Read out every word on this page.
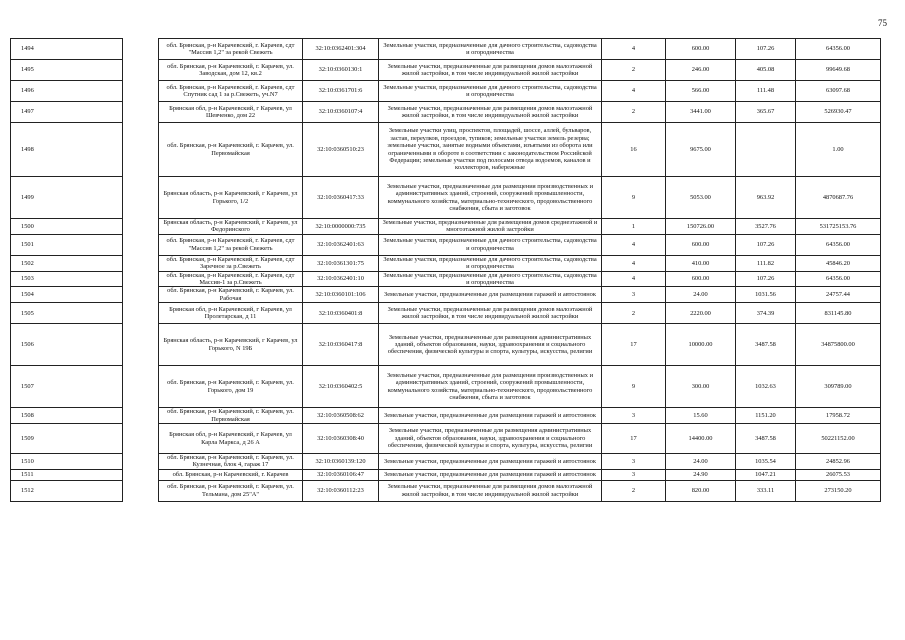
75
1494		обл. Брянская, р-н Карачевский, г. Карачев, сдт "Массив 1,2" за рекой Свежеть	32:10:0362401:304	Земельные участки, предназначенные для дачного строительства, садоводства и огородничества	4	600.00	107.26	64356.00
1495		обл. Брянская, р-н Карачевский, г. Карачев, ул. Заводская, дом 12, кв.2	32:10:0360130:1	Земельные участки, предназначенные для размещения домов малоэтажной жилой застройки, в том числе индивидуальной жилой застройки	2	246.00	405.08	99649.68
1496		обл. Брянская, р-н Карачевский, г. Карачев, сдт Спутник сад 1 за р.Свежеть, уч.N7	32:10:0361701:6	Земельные участки, предназначенные для дачного строительства, садоводства и огородничества	4	566.00	111.48	63097.68
1497		Брянская обл, р-н Карачевский, г Карачев, ул Шевченко, дом 22	32:10:0360107:4	Земельные участки, предназначенные для размещения домов малоэтажной жилой застройки, в том числе индивидуальной жилой застройки	2	3441.00	365.67	526930.47
1498		обл. Брянская, р-н Карачевский, г. Карачев, ул. Первомайская	32:10:0360510:23	Земельные участки улиц, проспектов, площадей, шоссе, аллей, бульваров, застав, переулков, проездов, тупиков; земельные участки земель резерва; земельные участки, занятые водными объектами, изъятыми из оборота или ограниченными в обороте в соответствии с законодательством Российской Федерации; земельные участки под полосами отвода водоемов, каналов и коллекторов, набережные	16	9675.00		1.00
1499		Брянская область, р-н Карачевский, г Карачев, ул Горького, 1/2	32:10:0360417:33	Земельные участки, предназначенные для размещения производственных и административных зданий, строений, сооружений промышленности, коммунального хозяйства, материально-технического, продовольственного снабжения, сбыта и заготовок	9	5053.00	963.92	4870687.76
1500		Брянская область, р-н Карачевский, г Карачев, ул Федоринского	32:10:0000000:735	Земельные участки, предназначенные для размещения домов среднеэтажной и многоэтажной жилой застройки	1	150726.00	3527.76	531725153.76
1501		обл. Брянская, р-н Карачевский, г. Карачев, сдт "Массив 1,2" за рекой Свежеть	32:10:0362401:63	Земельные участки, предназначенные для дачного строительства, садоводства и огородничества	4	600.00	107.26	64356.00
1502		обл. Брянская, р-н Карачевский, г. Карачев, сдт Заречное за р.Свежеть	32:10:0361301:75	Земельные участки, предназначенные для дачного строительства, садоводства и огородничества	4	410.00	111.82	45846.20
1503		обл. Брянская, р-н Карачевский, г. Карачев, сдт Массив-1 за р.Свежеть	32:10:0362401:10	Земельные участки, предназначенные для дачного строительства, садоводства и огородничества	4	600.00	107.26	64356.00
1504		обл. Брянская, р-н Карачевский, г. Карачев, ул. Рабочая	32:10:0360101:106	Земельные участки, предназначенные для размещения гаражей и автостоянок	3	24.00	1031.56	24757.44
1505		Брянская обл, р-н Карачевский, г Карачев, ул Пролетарская, д 11	32:10:0360401:8	Земельные участки, предназначенные для размещения домов малоэтажной жилой застройки, в том числе индивидуальной жилой застройки	2	2220.00	374.39	831145.80
1506		Брянская область, р-н Карачевский, г Карачев, ул Горького, N 19Б	32:10:0360417:8	Земельные участки, предназначенные для размещения административных зданий, объектов образования, науки, здравоохранения и социального обеспечения, физической культуры и спорта, культуры, искусства, религии	17	10000.00	3487.58	34875800.00
1507		обл. Брянская, р-н Карачевский, г. Карачев, ул. Горького, дом 19	32:10:0360402:5	Земельные участки, предназначенные для размещения производственных и административных зданий, строений, сооружений промышленности, коммунального хозяйства, материально-технического, продовольственного снабжения, сбыта и заготовок	9	300.00	1032.63	309789.00
1508		обл. Брянская, р-н Карачевский, г. Карачев, ул. Первомайская	32:10:0360508:62	Земельные участки, предназначенные для размещения гаражей и автостоянок	3	15.60	1151.20	17958.72
1509		Брянская обл, р-н Карачевский, г Карачев, ул Карла Маркса, д 26 А	32:10:0360308:40	Земельные участки, предназначенные для размещения административных зданий, объектов образования, науки, здравоохранения и социального обеспечения, физической культуры и спорта, культуры, искусства, религии	17	14400.00	3487.58	50221152.00
1510		обл. Брянская, р-н Карачевский, г. Карачев, ул. Кузнечная, блок 4, гараж 17	32:10:0360139:120	Земельные участки, предназначенные для размещения гаражей и автостоянок	3	24.00	1035.54	24852.96
1511		обл. Брянская, р-н Карачевский, г. Карачев	32:10:0360106:47	Земельные участки, предназначенные для размещения гаражей и автостоянок	3	24.90	1047.21	26075.53
1512		обл. Брянская, р-н Карачевский, г. Карачев, ул. Тельмана, дом 25"А"	32:10:0360112:23	Земельные участки, предназначенные для размещения домов малоэтажной жилой застройки, в том числе индивидуальной жилой застройки	2	820.00	333.11	273150.20
